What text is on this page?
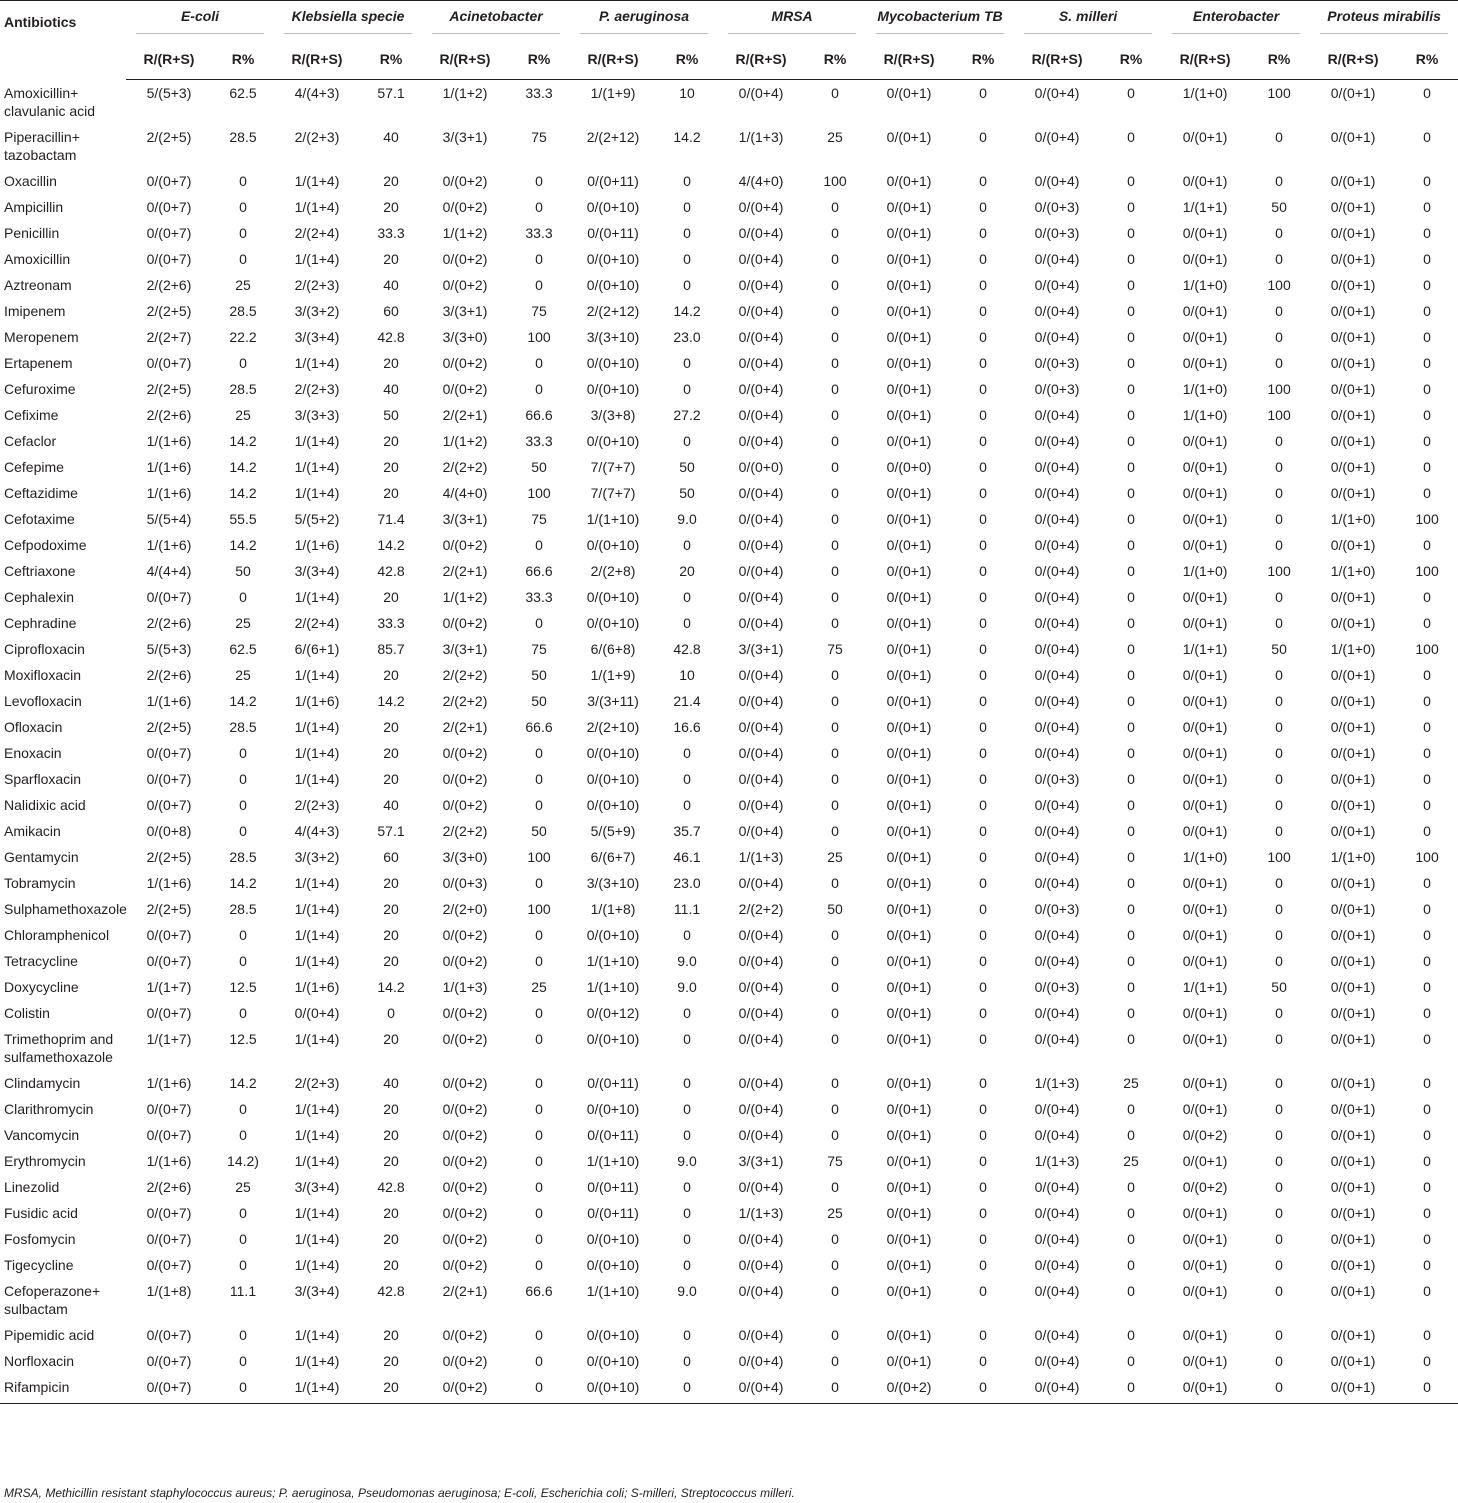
Antibiotics	E-coli		Klebsiella specie		Acinetobacter		P. aeruginosa		MRSA		Mycobacterium TB		S. milleri		Enterobacter		Proteus mirabilis	

	R/(R+S)	R%	R/(R+S)	R%	R/(R+S)	R%	R/(R+S)	R%	R/(R+S)	R%	R/(R+S)	R%	R/(R+S)	R%	R/(R+S)	R%	R/(R+S)	R%
Amoxicillin+ clavulanic acid	5/(5+3)	62.5	4/(4+3)	57.1	1/(1+2)	33.3	1/(1+9)	10	0/(0+4)	0	0/(0+1)	0	0/(0+4)	0	1/(1+0)	100	0/(0+1)	0
Piperacillin+ tazobactam	2/(2+5)	28.5	2/(2+3)	40	3/(3+1)	75	2/(2+12)	14.2	1/(1+3)	25	0/(0+1)	0	0/(0+4)	0	0/(0+1)	0	0/(0+1)	0
Oxacillin	0/(0+7)	0	1/(1+4)	20	0/(0+2)	0	0/(0+11)	0	4/(4+0)	100	0/(0+1)	0	0/(0+4)	0	0/(0+1)	0	0/(0+1)	0
Ampicillin	0/(0+7)	0	1/(1+4)	20	0/(0+2)	0	0/(0+10)	0	0/(0+4)	0	0/(0+1)	0	0/(0+3)	0	1/(1+1)	50	0/(0+1)	0
Penicillin	0/(0+7)	0	2/(2+4)	33.3	1/(1+2)	33.3	0/(0+11)	0	0/(0+4)	0	0/(0+1)	0	0/(0+3)	0	0/(0+1)	0	0/(0+1)	0
Amoxicillin	0/(0+7)	0	1/(1+4)	20	0/(0+2)	0	0/(0+10)	0	0/(0+4)	0	0/(0+1)	0	0/(0+4)	0	0/(0+1)	0	0/(0+1)	0
Aztreonam	2/(2+6)	25	2/(2+3)	40	0/(0+2)	0	0/(0+10)	0	0/(0+4)	0	0/(0+1)	0	0/(0+4)	0	1/(1+0)	100	0/(0+1)	0
Imipenem	2/(2+5)	28.5	3/(3+2)	60	3/(3+1)	75	2/(2+12)	14.2	0/(0+4)	0	0/(0+1)	0	0/(0+4)	0	0/(0+1)	0	0/(0+1)	0
Meropenem	2/(2+7)	22.2	3/(3+4)	42.8	3/(3+0)	100	3/(3+10)	23.0	0/(0+4)	0	0/(0+1)	0	0/(0+4)	0	0/(0+1)	0	0/(0+1)	0
Ertapenem	0/(0+7)	0	1/(1+4)	20	0/(0+2)	0	0/(0+10)	0	0/(0+4)	0	0/(0+1)	0	0/(0+3)	0	0/(0+1)	0	0/(0+1)	0
Cefuroxime	2/(2+5)	28.5	2/(2+3)	40	0/(0+2)	0	0/(0+10)	0	0/(0+4)	0	0/(0+1)	0	0/(0+3)	0	1/(1+0)	100	0/(0+1)	0
Cefixime	2/(2+6)	25	3/(3+3)	50	2/(2+1)	66.6	3/(3+8)	27.2	0/(0+4)	0	0/(0+1)	0	0/(0+4)	0	1/(1+0)	100	0/(0+1)	0
Cefaclor	1/(1+6)	14.2	1/(1+4)	20	1/(1+2)	33.3	0/(0+10)	0	0/(0+4)	0	0/(0+1)	0	0/(0+4)	0	0/(0+1)	0	0/(0+1)	0
Cefepime	1/(1+6)	14.2	1/(1+4)	20	2/(2+2)	50	7/(7+7)	50	0/(0+0)	0	0/(0+0)	0	0/(0+4)	0	0/(0+1)	0	0/(0+1)	0
Ceftazidime	1/(1+6)	14.2	1/(1+4)	20	4/(4+0)	100	7/(7+7)	50	0/(0+4)	0	0/(0+1)	0	0/(0+4)	0	0/(0+1)	0	0/(0+1)	0
Cefotaxime	5/(5+4)	55.5	5/(5+2)	71.4	3/(3+1)	75	1/(1+10)	9.0	0/(0+4)	0	0/(0+1)	0	0/(0+4)	0	0/(0+1)	0	1/(1+0)	100
Cefpodoxime	1/(1+6)	14.2	1/(1+6)	14.2	0/(0+2)	0	0/(0+10)	0	0/(0+4)	0	0/(0+1)	0	0/(0+4)	0	0/(0+1)	0	0/(0+1)	0
Ceftriaxone	4/(4+4)	50	3/(3+4)	42.8	2/(2+1)	66.6	2/(2+8)	20	0/(0+4)	0	0/(0+1)	0	0/(0+4)	0	1/(1+0)	100	1/(1+0)	100
Cephalexin	0/(0+7)	0	1/(1+4)	20	1/(1+2)	33.3	0/(0+10)	0	0/(0+4)	0	0/(0+1)	0	0/(0+4)	0	0/(0+1)	0	0/(0+1)	0
Cephradine	2/(2+6)	25	2/(2+4)	33.3	0/(0+2)	0	0/(0+10)	0	0/(0+4)	0	0/(0+1)	0	0/(0+4)	0	0/(0+1)	0	0/(0+1)	0
Ciprofloxacin	5/(5+3)	62.5	6/(6+1)	85.7	3/(3+1)	75	6/(6+8)	42.8	3/(3+1)	75	0/(0+1)	0	0/(0+4)	0	1/(1+1)	50	1/(1+0)	100
Moxifloxacin	2/(2+6)	25	1/(1+4)	20	2/(2+2)	50	1/(1+9)	10	0/(0+4)	0	0/(0+1)	0	0/(0+4)	0	0/(0+1)	0	0/(0+1)	0
Levofloxacin	1/(1+6)	14.2	1/(1+6)	14.2	2/(2+2)	50	3/(3+11)	21.4	0/(0+4)	0	0/(0+1)	0	0/(0+4)	0	0/(0+1)	0	0/(0+1)	0
Ofloxacin	2/(2+5)	28.5	1/(1+4)	20	2/(2+1)	66.6	2/(2+10)	16.6	0/(0+4)	0	0/(0+1)	0	0/(0+4)	0	0/(0+1)	0	0/(0+1)	0
Enoxacin	0/(0+7)	0	1/(1+4)	20	0/(0+2)	0	0/(0+10)	0	0/(0+4)	0	0/(0+1)	0	0/(0+4)	0	0/(0+1)	0	0/(0+1)	0
Sparfloxacin	0/(0+7)	0	1/(1+4)	20	0/(0+2)	0	0/(0+10)	0	0/(0+4)	0	0/(0+1)	0	0/(0+3)	0	0/(0+1)	0	0/(0+1)	0
Nalidixic acid	0/(0+7)	0	2/(2+3)	40	0/(0+2)	0	0/(0+10)	0	0/(0+4)	0	0/(0+1)	0	0/(0+4)	0	0/(0+1)	0	0/(0+1)	0
Amikacin	0/(0+8)	0	4/(4+3)	57.1	2/(2+2)	50	5/(5+9)	35.7	0/(0+4)	0	0/(0+1)	0	0/(0+4)	0	0/(0+1)	0	0/(0+1)	0
Gentamycin	2/(2+5)	28.5	3/(3+2)	60	3/(3+0)	100	6/(6+7)	46.1	1/(1+3)	25	0/(0+1)	0	0/(0+4)	0	1/(1+0)	100	1/(1+0)	100
Tobramycin	1/(1+6)	14.2	1/(1+4)	20	0/(0+3)	0	3/(3+10)	23.0	0/(0+4)	0	0/(0+1)	0	0/(0+4)	0	0/(0+1)	0	0/(0+1)	0
Sulphamethoxazole	2/(2+5)	28.5	1/(1+4)	20	2/(2+0)	100	1/(1+8)	11.1	2/(2+2)	50	0/(0+1)	0	0/(0+3)	0	0/(0+1)	0	0/(0+1)	0
Chloramphenicol	0/(0+7)	0	1/(1+4)	20	0/(0+2)	0	0/(0+10)	0	0/(0+4)	0	0/(0+1)	0	0/(0+4)	0	0/(0+1)	0	0/(0+1)	0
Tetracycline	0/(0+7)	0	1/(1+4)	20	0/(0+2)	0	1/(1+10)	9.0	0/(0+4)	0	0/(0+1)	0	0/(0+4)	0	0/(0+1)	0	0/(0+1)	0
Doxycycline	1/(1+7)	12.5	1/(1+6)	14.2	1/(1+3)	25	1/(1+10)	9.0	0/(0+4)	0	0/(0+1)	0	0/(0+3)	0	1/(1+1)	50	0/(0+1)	0
Colistin	0/(0+7)	0	0/(0+4)	0	0/(0+2)	0	0/(0+12)	0	0/(0+4)	0	0/(0+1)	0	0/(0+4)	0	0/(0+1)	0	0/(0+1)	0
Trimethoprim and sulfamethoxazole	1/(1+7)	12.5	1/(1+4)	20	0/(0+2)	0	0/(0+10)	0	0/(0+4)	0	0/(0+1)	0	0/(0+4)	0	0/(0+1)	0	0/(0+1)	0
Clindamycin	1/(1+6)	14.2	2/(2+3)	40	0/(0+2)	0	0/(0+11)	0	0/(0+4)	0	0/(0+1)	0	1/(1+3)	25	0/(0+1)	0	0/(0+1)	0
Clarithromycin	0/(0+7)	0	1/(1+4)	20	0/(0+2)	0	0/(0+10)	0	0/(0+4)	0	0/(0+1)	0	0/(0+4)	0	0/(0+1)	0	0/(0+1)	0
Vancomycin	0/(0+7)	0	1/(1+4)	20	0/(0+2)	0	0/(0+11)	0	0/(0+4)	0	0/(0+1)	0	0/(0+4)	0	0/(0+2)	0	0/(0+1)	0
Erythromycin	1/(1+6)	14.2)	1/(1+4)	20	0/(0+2)	0	1/(1+10)	9.0	3/(3+1)	75	0/(0+1)	0	1/(1+3)	25	0/(0+1)	0	0/(0+1)	0
Linezolid	2/(2+6)	25	3/(3+4)	42.8	0/(0+2)	0	0/(0+11)	0	0/(0+4)	0	0/(0+1)	0	0/(0+4)	0	0/(0+2)	0	0/(0+1)	0
Fusidic acid	0/(0+7)	0	1/(1+4)	20	0/(0+2)	0	0/(0+11)	0	1/(1+3)	25	0/(0+1)	0	0/(0+4)	0	0/(0+1)	0	0/(0+1)	0
Fosfomycin	0/(0+7)	0	1/(1+4)	20	0/(0+2)	0	0/(0+10)	0	0/(0+4)	0	0/(0+1)	0	0/(0+4)	0	0/(0+1)	0	0/(0+1)	0
Tigecycline	0/(0+7)	0	1/(1+4)	20	0/(0+2)	0	0/(0+10)	0	0/(0+4)	0	0/(0+1)	0	0/(0+4)	0	0/(0+1)	0	0/(0+1)	0
Cefoperazone+ sulbactam	1/(1+8)	11.1	3/(3+4)	42.8	2/(2+1)	66.6	1/(1+10)	9.0	0/(0+4)	0	0/(0+1)	0	0/(0+4)	0	0/(0+1)	0	0/(0+1)	0
Pipemidic acid	0/(0+7)	0	1/(1+4)	20	0/(0+2)	0	0/(0+10)	0	0/(0+4)	0	0/(0+1)	0	0/(0+4)	0	0/(0+1)	0	0/(0+1)	0
Norfloxacin	0/(0+7)	0	1/(1+4)	20	0/(0+2)	0	0/(0+10)	0	0/(0+4)	0	0/(0+1)	0	0/(0+4)	0	0/(0+1)	0	0/(0+1)	0
Rifampicin	0/(0+7)	0	1/(1+4)	20	0/(0+2)	0	0/(0+10)	0	0/(0+4)	0	0/(0+2)	0	0/(0+4)	0	0/(0+1)	0	0/(0+1)	0
MRSA, Methicillin resistant staphylococcus aureus; P. aeruginosa, Pseudomonas aeruginosa; E-coli, Escherichia coli; S-milleri, Streptococcus milleri.
